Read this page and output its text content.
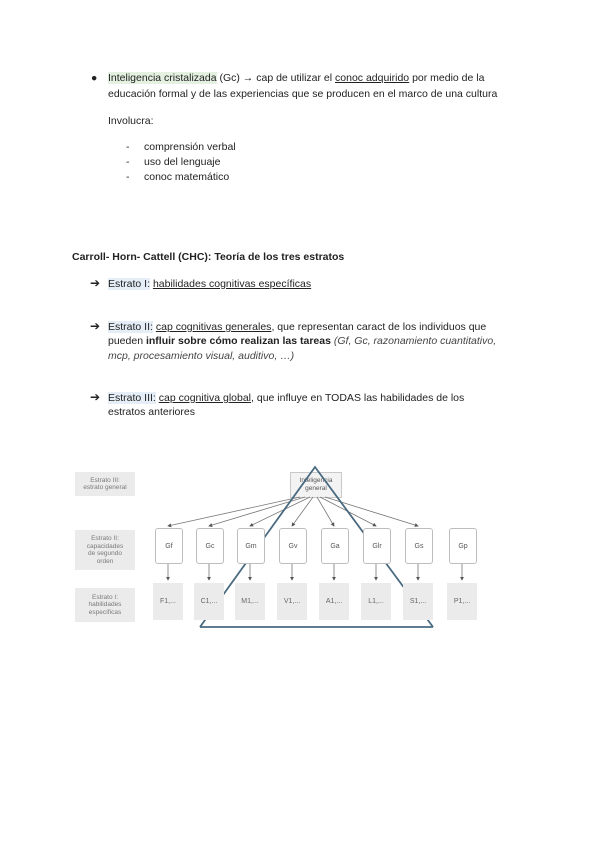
● Inteligencia cristalizada (Gc) → cap de utilizar el conoc adquirido por medio de la
educación formal y de las experiencias que se producen en el marco de una cultura
Involucra:
- comprensión verbal
- uso del lenguaje
- conoc matemático
Carroll- Horn- Cattell (CHC): Teoría de los tres estratos
➔ Estrato I: habilidades cognitivas específicas
➔ Estrato II: cap cognitivas generales, que representan caract de los individuos que
pueden influir sobre cómo realizan las tareas (Gf, Gc, razonamiento cuantitativo,
mcp, procesamiento visual, auditivo, …)
➔ Estrato III: cap cognitiva global, que influye en TODAS las habilidades de los
estratos anteriores
Estrato III:
estrato general
Estrato II:
capacidades
de segundo
orden
Estrato I:
habilidades
específicas
Inteligencia
general
Gf	Gc	Gm	Gv	Ga	Glr	Gs	Gp
F1,...	C1,...	M1,...	V1,...	A1,...	L1,...	S1,...	P1,...
